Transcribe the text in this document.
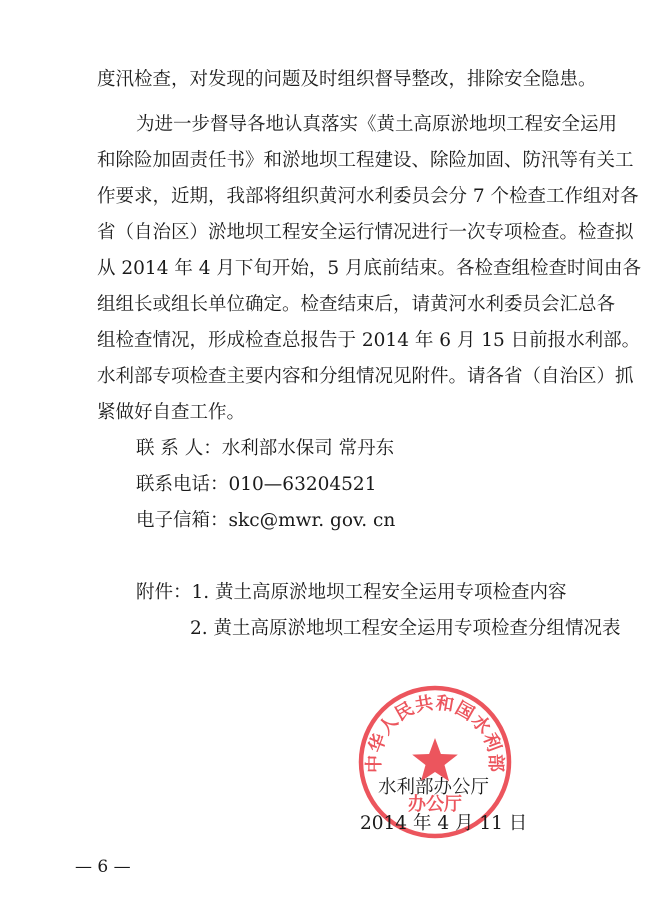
度汛检查，对发现的问题及时组织督导整改，排除安全隐患。
为进一步督导各地认真落实《黄土高原淤地坝工程安全运用
和除险加固责任书》和淤地坝工程建设、除险加固、防汛等有关工
作要求，近期，我部将组织黄河水利委员会分 7 个检查工作组对各
省（自治区）淤地坝工程安全运行情况进行一次专项检查。检查拟
从 2014 年 4 月下旬开始，5 月底前结束。各检查组检查时间由各
组组长或组长单位确定。检查结束后，请黄河水利委员会汇总各
组检查情况，形成检查总报告于 2014 年 6 月 15 日前报水利部。
水利部专项检查主要内容和分组情况见附件。请各省（自治区）抓
紧做好自查工作。
联 系 人：水利部水保司 常丹东
联系电话：010—63204521
电子信箱：skc@mwr. gov. cn
附件：1. 黄土高原淤地坝工程安全运用专项检查内容
2. 黄土高原淤地坝工程安全运用专项检查分组情况表
中华人民共和国水利部
办公厅
水利部办公厅
2014 年 4 月 11 日
— 6 —
